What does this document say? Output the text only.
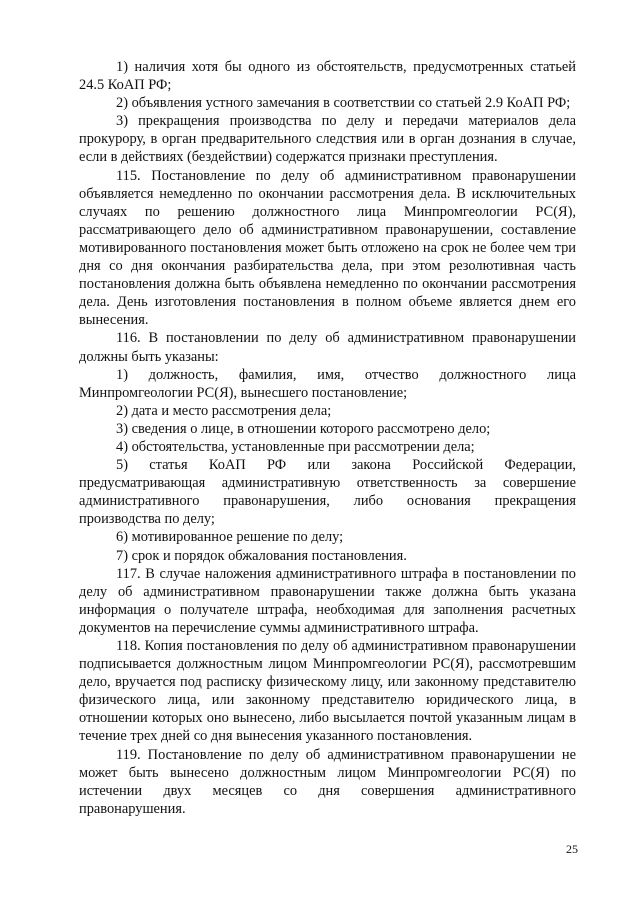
1) наличия хотя бы одного из обстоятельств, предусмотренных статьей 24.5 КоАП РФ;

2) объявления устного замечания в соответствии со статьей 2.9 КоАП РФ;

3) прекращения производства по делу и передачи материалов дела прокурору, в орган предварительного следствия или в орган дознания в случае, если в действиях (бездействии) содержатся признаки преступления.

115. Постановление по делу об административном правонарушении объявляется немедленно по окончании рассмотрения дела. В исключительных случаях по решению должностного лица Минпромгеологии РС(Я), рассматривающего дело об административном правонарушении, составление мотивированного постановления может быть отложено на срок не более чем три дня со дня окончания разбирательства дела, при этом резолютивная часть постановления должна быть объявлена немедленно по окончании рассмотрения дела. День изготовления постановления в полном объеме является днем его вынесения.

116. В постановлении по делу об административном правонарушении должны быть указаны:

1) должность, фамилия, имя, отчество должностного лица Минпромгеологии РС(Я), вынесшего постановление;

2) дата и место рассмотрения дела;

3) сведения о лице, в отношении которого рассмотрено дело;

4) обстоятельства, установленные при рассмотрении дела;

5) статья КоАП РФ или закона Российской Федерации, предусматривающая административную ответственность за совершение административного правонарушения, либо основания прекращения производства по делу;

6) мотивированное решение по делу;

7) срок и порядок обжалования постановления.

117. В случае наложения административного штрафа в постановлении по делу об административном правонарушении также должна быть указана информация о получателе штрафа, необходимая для заполнения расчетных документов на перечисление суммы административного штрафа.

118. Копия постановления по делу об административном правонарушении подписывается должностным лицом Минпромгеологии РС(Я), рассмотревшим дело, вручается под расписку физическому лицу, или законному представителю физического лица, или законному представителю юридического лица, в отношении которых оно вынесено, либо высылается почтой указанным лицам в течение трех дней со дня вынесения указанного постановления.

119. Постановление по делу об административном правонарушении не может быть вынесено должностным лицом Минпромгеологии РС(Я) по истечении двух месяцев со дня совершения административного правонарушения.

25
